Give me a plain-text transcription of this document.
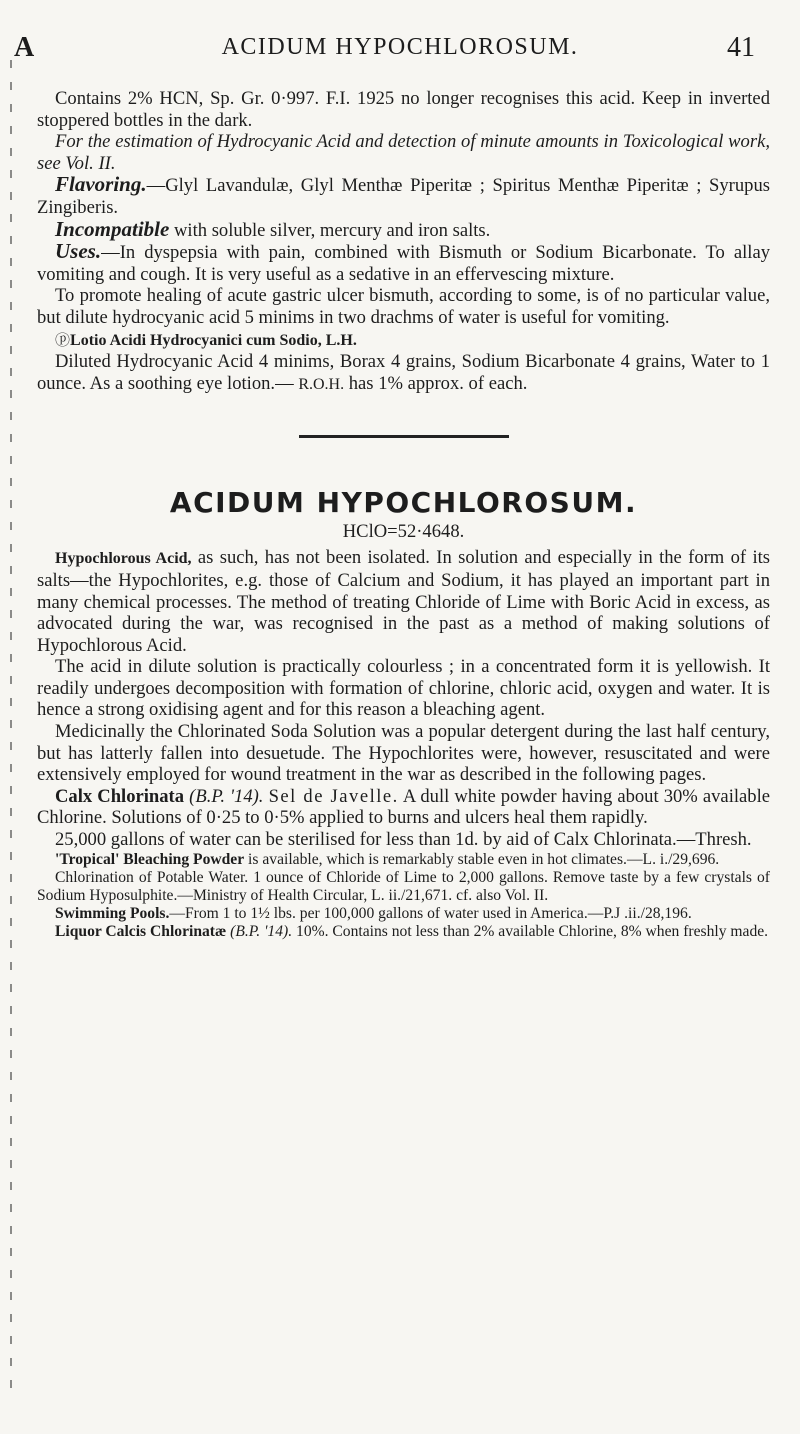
A	ACIDUM HYPOCHLOROSUM.	41

Contains 2% HCN, Sp. Gr. 0·997. F.I. 1925 no longer recognises this acid. Keep in inverted stoppered bottles in the dark.

For the estimation of Hydrocyanic Acid and detection of minute amounts in Toxicological work, see Vol. II.

Flavoring.—Glyl Lavandulæ, Glyl Menthæ Piperitæ ; Spiritus Menthæ Piperitæ ; Syrupus Zingiberis.

Incompatible with soluble silver, mercury and iron salts.

Uses.—In dyspepsia with pain, combined with Bismuth or Sodium Bicarbonate. To allay vomiting and cough. It is very useful as a sedative in an effervescing mixture.

To promote healing of acute gastric ulcer bismuth, according to some, is of no particular value, but dilute hydrocyanic acid 5 minims in two drachms of water is useful for vomiting.

ⓟLotio Acidi Hydrocyanici cum Sodio, L.H.

Diluted Hydrocyanic Acid 4 minims, Borax 4 grains, Sodium Bicarbonate 4 grains, Water to 1 ounce. As a soothing eye lotion.— R.O.H. has 1% approx. of each.

ACIDUM HYPOCHLOROSUM.
HClO=52·4648.

Hypochlorous Acid, as such, has not been isolated. In solution and especially in the form of its salts—the Hypochlorites, e.g. those of Calcium and Sodium, it has played an important part in many chemical processes. The method of treating Chloride of Lime with Boric Acid in excess, as advocated during the war, was recognised in the past as a method of making solutions of Hypochlorous Acid.

The acid in dilute solution is practically colourless ; in a concentrated form it is yellowish. It readily undergoes decomposition with formation of chlorine, chloric acid, oxygen and water. It is hence a strong oxidising agent and for this reason a bleaching agent.

Medicinally the Chlorinated Soda Solution was a popular detergent during the last half century, but has latterly fallen into desuetude. The Hypochlorites were, however, resuscitated and were extensively employed for wound treatment in the war as described in the following pages.

Calx Chlorinata (B.P. '14). Sel de Javelle. A dull white powder having about 30% available Chlorine. Solutions of 0·25 to 0·5% applied to burns and ulcers heal them rapidly.

25,000 gallons of water can be sterilised for less than 1d. by aid of Calx Chlorinata.—Thresh.

'Tropical' Bleaching Powder is available, which is remarkably stable even in hot climates.—L. i./29,696.

Chlorination of Potable Water. 1 ounce of Chloride of Lime to 2,000 gallons. Remove taste by a few crystals of Sodium Hyposulphite.—Ministry of Health Circular, L. ii./21,671. cf. also Vol. II.

Swimming Pools.—From 1 to 1½ lbs. per 100,000 gallons of water used in America.—P.J .ii./28,196.

Liquor Calcis Chlorinatæ (B.P. '14). 10%. Contains not less than 2% available Chlorine, 8% when freshly made.
